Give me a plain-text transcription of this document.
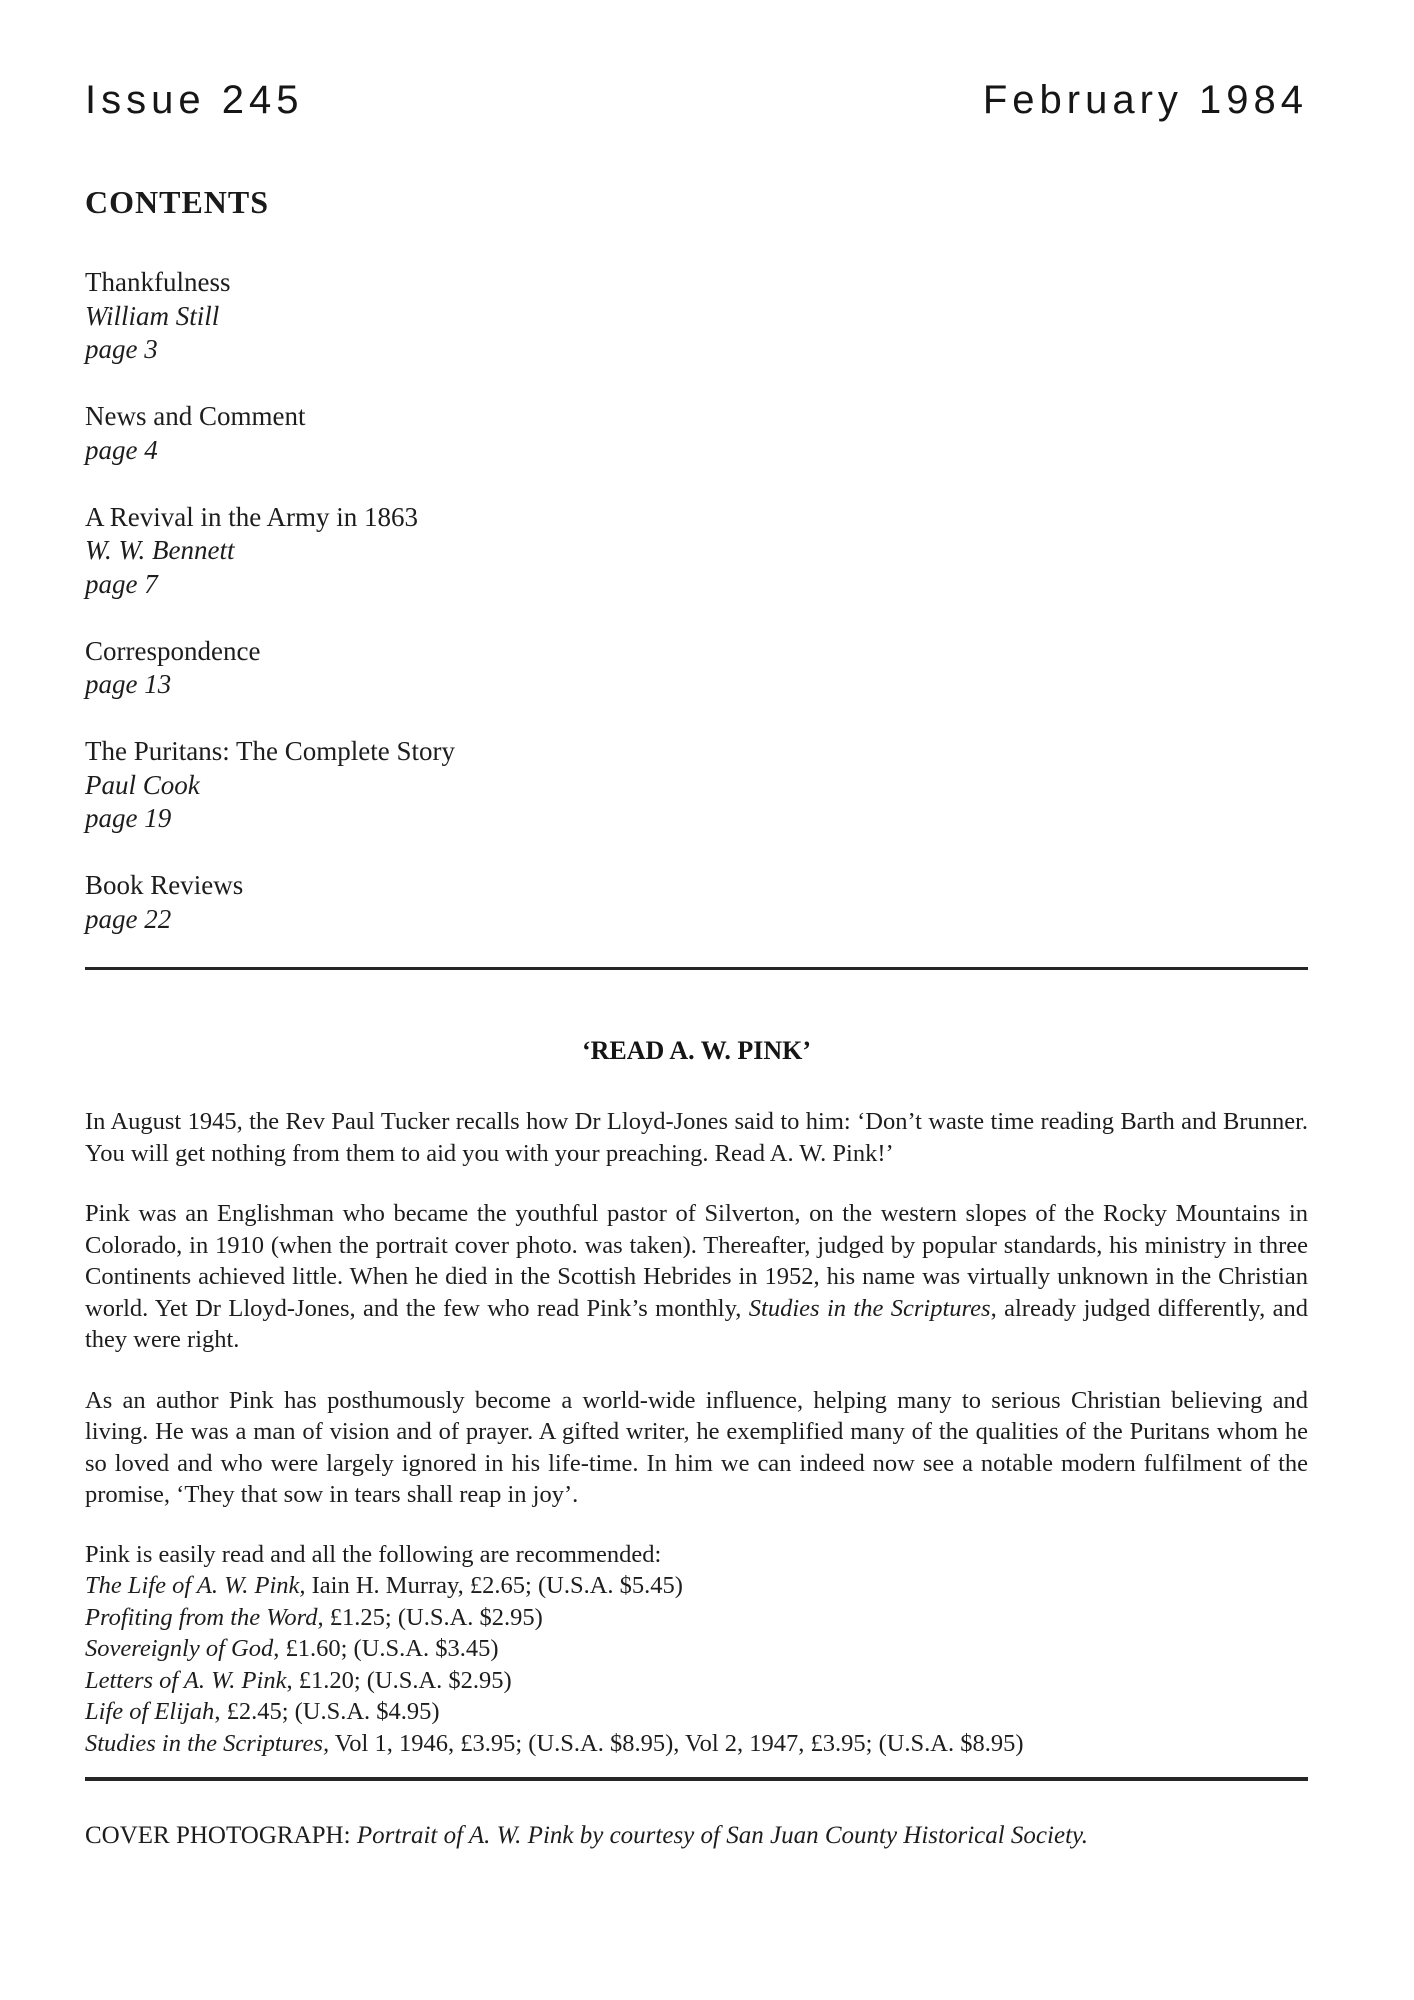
Issue 245	February 1984
CONTENTS
Thankfulness
William Still
page 3
News and Comment
page 4
A Revival in the Army in 1863
W. W. Bennett
page 7
Correspondence
page 13
The Puritans: The Complete Story
Paul Cook
page 19
Book Reviews
page 22
‘READ A. W. PINK’

In August 1945, the Rev Paul Tucker recalls how Dr Lloyd-Jones said to him: ‘Don’t waste time reading Barth and Brunner. You will get nothing from them to aid you with your preaching. Read A. W. Pink!’

Pink was an Englishman who became the youthful pastor of Silverton, on the western slopes of the Rocky Mountains in Colorado, in 1910 (when the portrait cover photo. was taken). Thereafter, judged by popular standards, his ministry in three Continents achieved little. When he died in the Scottish Hebrides in 1952, his name was virtually unknown in the Christian world. Yet Dr Lloyd-Jones, and the few who read Pink’s monthly, Studies in the Scriptures, already judged differently, and they were right.

As an author Pink has posthumously become a world-wide influence, helping many to serious Christian believing and living. He was a man of vision and of prayer. A gifted writer, he exemplified many of the qualities of the Puritans whom he so loved and who were largely ignored in his life-time. In him we can indeed now see a notable modern fulfilment of the promise, ‘They that sow in tears shall reap in joy’.

Pink is easily read and all the following are recommended:

The Life of A. W. Pink, Iain H. Murray, £2.65; (U.S.A. $5.45)

Profiting from the Word, £1.25; (U.S.A. $2.95)

Sovereignly of God, £1.60; (U.S.A. $3.45)

Letters of A. W. Pink, £1.20; (U.S.A. $2.95)

Life of Elijah, £2.45; (U.S.A. $4.95)

Studies in the Scriptures, Vol 1, 1946, £3.95; (U.S.A. $8.95), Vol 2, 1947, £3.95; (U.S.A. $8.95)

COVER PHOTOGRAPH: Portrait of A. W. Pink by courtesy of San Juan County Historical Society.
